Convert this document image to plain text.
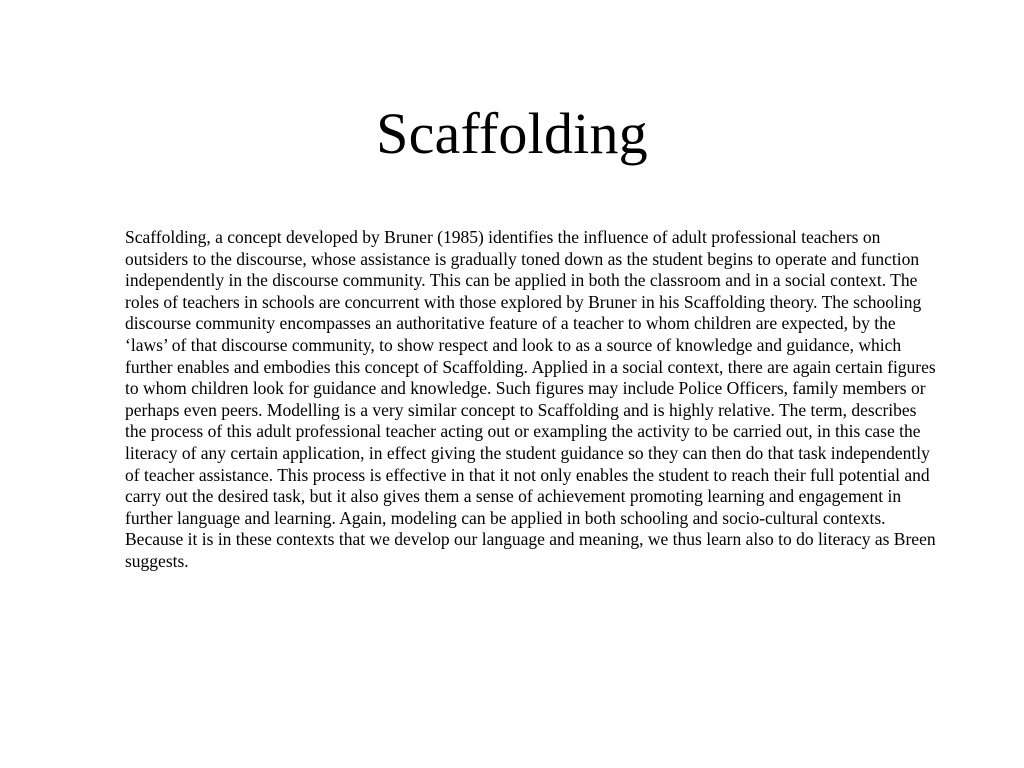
Scaffolding

Scaffolding, a concept developed by Bruner (1985) identifies the influence of adult professional teachers on outsiders to the discourse, whose assistance is gradually toned down as the student begins to operate and function independently in the discourse community. This can be applied in both the classroom and in a social context. The roles of teachers in schools are concurrent with those explored by Bruner in his Scaffolding theory. The schooling discourse community encompasses an authoritative feature of a teacher to whom children are expected, by the ‘laws’ of that discourse community, to show respect and look to as a source of knowledge and guidance, which further enables and embodies this concept of Scaffolding. Applied in a social context, there are again certain figures to whom children look for guidance and knowledge. Such figures may include Police Officers, family members or perhaps even peers. Modelling is a very similar concept to Scaffolding and is highly relative. The term, describes the process of this adult professional teacher acting out or exampling the activity to be carried out, in this case the literacy of any certain application, in effect giving the student guidance so they can then do that task independently of teacher assistance. This process is effective in that it not only enables the student to reach their full potential and carry out the desired task, but it also gives them a sense of achievement promoting learning and engagement in further language and learning. Again, modeling can be applied in both schooling and socio-cultural contexts. Because it is in these contexts that we develop our language and meaning, we thus learn also to do literacy as Breen suggests.
